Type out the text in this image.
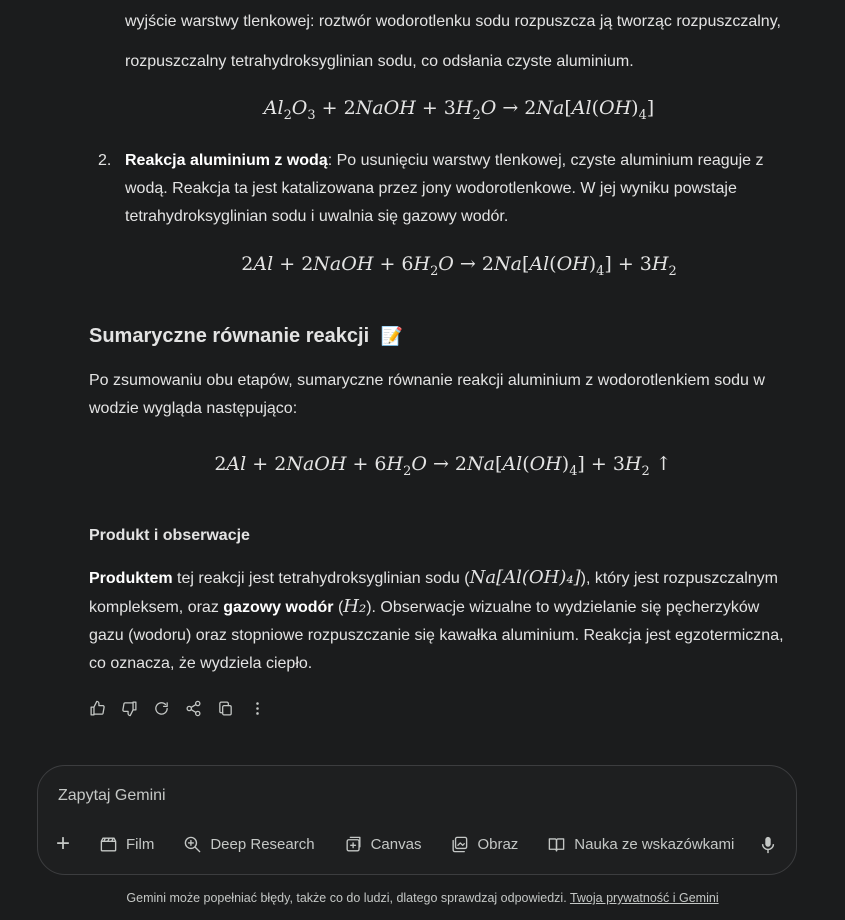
wyjście warstwy tlenkowej: roztwór wodorotlenku sodu rozpuszcza ją tworząc rozpuszczalny,

rozpuszczalny tetrahydroksyglinian sodu, co odsłania czyste aluminium.

$Al_2O_3$ + 2NaOH + $3H_2O \to 2Na[Al(OH)_4]$
2. Reakcja aluminium z wodą: Po usunięciu warstwy tlenkowej, czyste aluminium reaguje z

wodą. Reakcja ta jest katalizowana przez jony wodorotlenkowe. W jej wyniku powstaje

tetrahydroksyglinian sodu i uwalnia się gazowy wodór.

2Al + 2NaOH + $6H_2O \to 2Na[Al(OH)_4] + 3H_2$
Sumaryczne równanie reakcji 📝

Po zsumowaniu obu etapów, sumaryczne równanie reakcji aluminium z wodorotlenkiem sodu w

wodzie wygląda następująco:

2Al + 2NaOH + $6H_2O \to 2Na[Al(OH)_4] + 3H_2$ ↑
Produkt i obserwacje

Produktem tej reakcji jest tetrahydroksyglinian sodu (Na[Al(OH)₄]), który jest rozpuszczalnym

kompleksem, oraz gazowy wodór (H₂). Obserwacje wizualne to wydzielanie się pęcherzyków

gazu (wodoru) oraz stopniowe rozpuszczanie się kawałka aluminium. Reakcja jest egzotermiczna,

co oznacza, że wydziela ciepło.

Zapytaj Gemini
+	Film	Deep Research	Canvas	Obraz	Nauka ze wskazówkami
Gemini może popełniać błędy, także co do ludzi, dlatego sprawdzaj odpowiedzi. Twoja prywatność i Gemini
